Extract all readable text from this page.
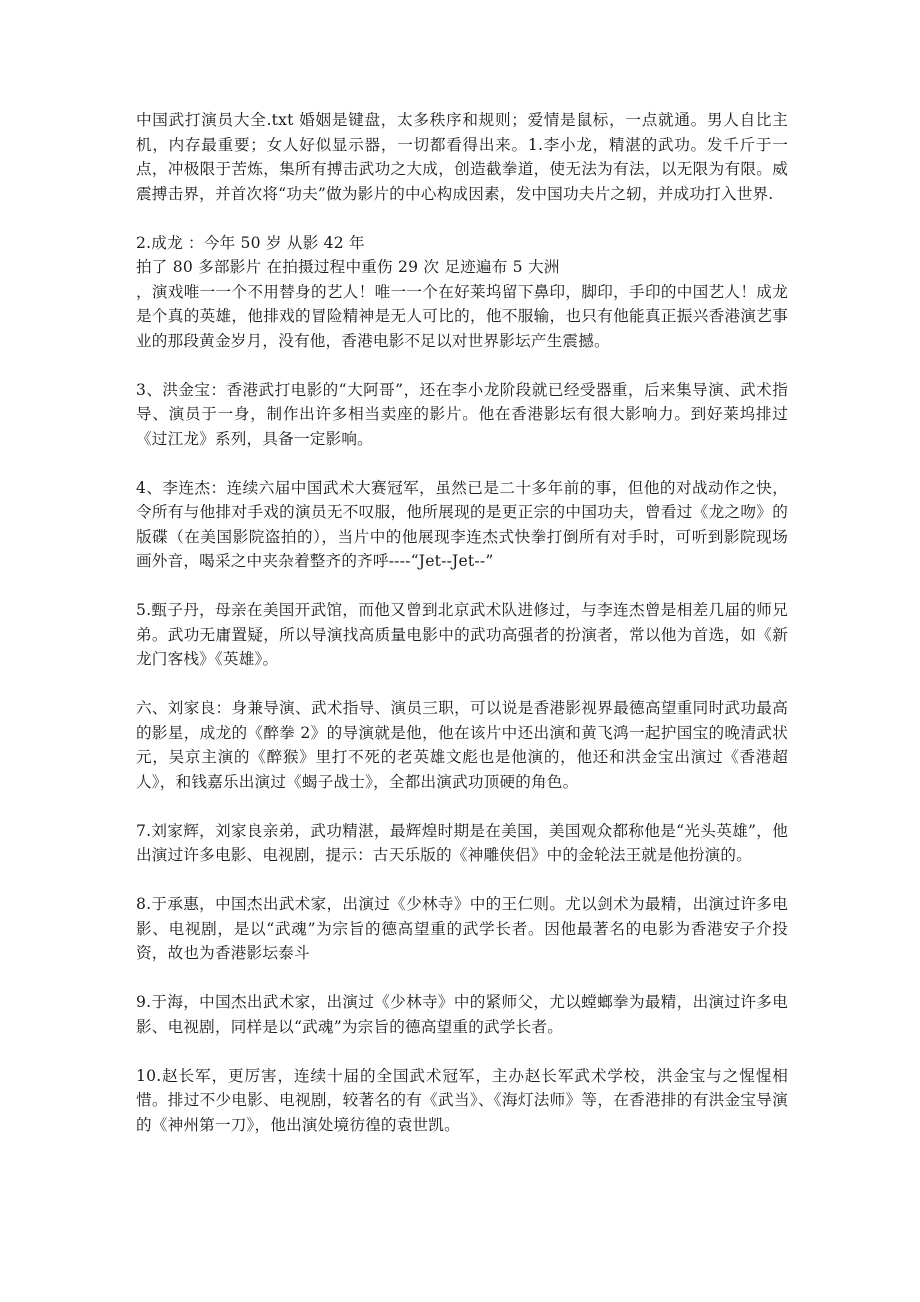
中国武打演员大全.txt 婚姻是键盘，太多秩序和规则；爱情是鼠标，一点就通。男人自比主机，内存最重要；女人好似显示器，一切都看得出来。1.李小龙，精湛的武功。发千斤于一点，冲极限于苦炼，集所有搏击武功之大成，创造截拳道，使无法为有法，以无限为有限。威震搏击界，并首次将“功夫”做为影片的中心构成因素，发中国功夫片之轫，并成功打入世界.

2.成龙 ：今年 50 岁 从影 42 年
拍了 80 多部影片 在拍摄过程中重伤 29 次 足迹遍布 5 大洲
，演戏唯一一个不用替身的艺人！唯一一个在好莱坞留下鼻印，脚印，手印的中国艺人！成龙是个真的英雄，他排戏的冒险精神是无人可比的，他不服输，也只有他能真正振兴香港演艺事业的那段黄金岁月，没有他，香港电影不足以对世界影坛产生震撼。

3、洪金宝：香港武打电影的“大阿哥”，还在李小龙阶段就已经受器重，后来集导演、武术指导、演员于一身，制作出许多相当卖座的影片。他在香港影坛有很大影响力。到好莱坞排过《过江龙》系列，具备一定影响。

4、李连杰：连续六届中国武术大赛冠军，虽然已是二十多年前的事，但他的对战动作之快，令所有与他排对手戏的演员无不叹服，他所展现的是更正宗的中国功夫，曾看过《龙之吻》的版碟（在美国影院盗拍的），当片中的他展现李连杰式快拳打倒所有对手时，可听到影院现场画外音，喝采之中夹杂着整齐的齐呼----“Jet--Jet--”

5.甄子丹，母亲在美国开武馆，而他又曾到北京武术队进修过，与李连杰曾是相差几届的师兄弟。武功无庸置疑，所以导演找高质量电影中的武功高强者的扮演者，常以他为首选，如《新龙门客栈》《英雄》。

六、刘家良：身兼导演、武术指导、演员三职，可以说是香港影视界最德高望重同时武功最高的影星，成龙的《醉拳 2》的导演就是他，他在该片中还出演和黄飞鸿一起护国宝的晚清武状元，吴京主演的《醉猴》里打不死的老英雄文彪也是他演的，他还和洪金宝出演过《香港超人》，和钱嘉乐出演过《蝎子战士》，全都出演武功顶硬的角色。

7.刘家辉，刘家良亲弟，武功精湛，最辉煌时期是在美国，美国观众都称他是“光头英雄”，他出演过许多电影、电视剧，提示：古天乐版的《神雕侠侣》中的金轮法王就是他扮演的。

8.于承惠，中国杰出武术家，出演过《少林寺》中的王仁则。尤以剑术为最精，出演过许多电影、电视剧，是以“武魂”为宗旨的德高望重的武学长者。因他最著名的电影为香港安子介投资，故也为香港影坛泰斗

9.于海，中国杰出武术家，出演过《少林寺》中的紧师父，尤以螳螂拳为最精，出演过许多电影、电视剧，同样是以“武魂”为宗旨的德高望重的武学长者。

10.赵长军，更厉害，连续十届的全国武术冠军，主办赵长军武术学校，洪金宝与之惺惺相惜。排过不少电影、电视剧，较著名的有《武当》、《海灯法师》等，在香港排的有洪金宝导演的《神州第一刀》，他出演处境彷徨的袁世凯。
